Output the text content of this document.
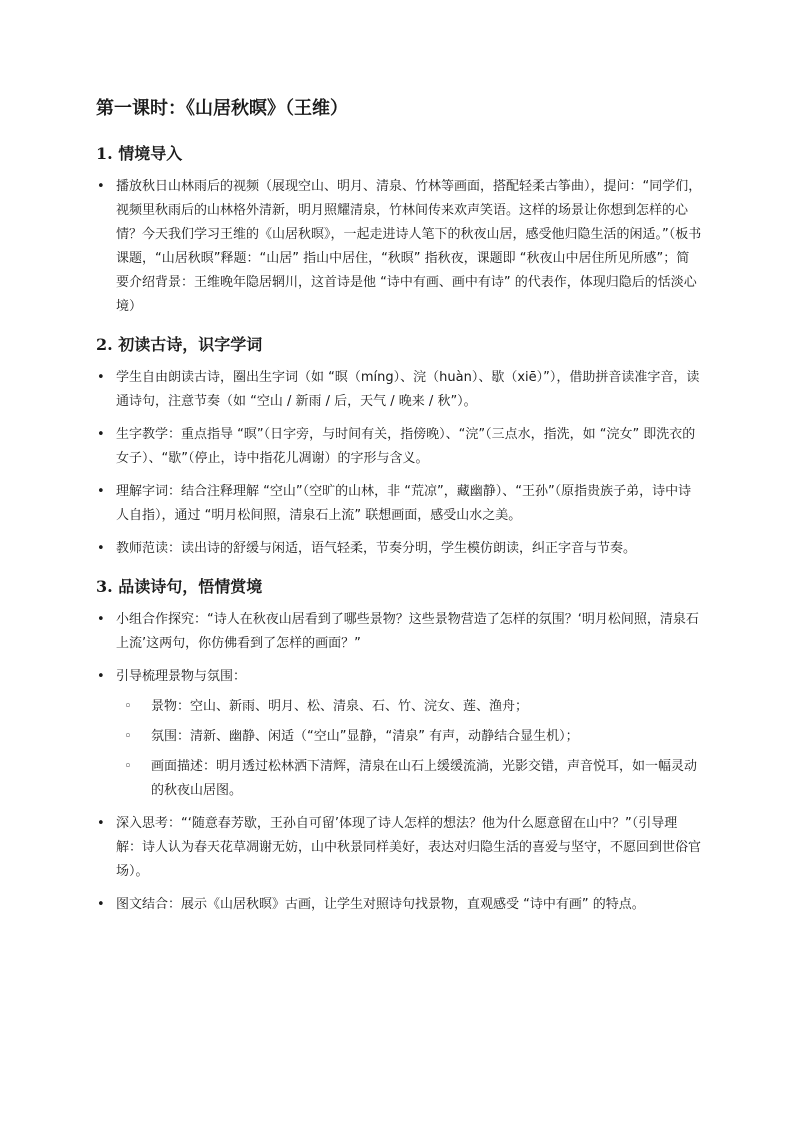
第一课时：《山居秋暝》（王维）
1. 情境导入
• 播放秋日山林雨后的视频（展现空山、明月、清泉、竹林等画面，搭配轻柔古筝曲），提问：“同学们，视频里秋雨后的山林格外清新，明月照耀清泉，竹林间传来欢声笑语。这样的场景让你想到怎样的心情？今天我们学习王维的《山居秋暝》，一起走进诗人笔下的秋夜山居，感受他归隐生活的闲适。”（板书课题，“山居秋暝”释题：“山居” 指山中居住，“秋暝” 指秋夜，课题即 “秋夜山中居住所见所感”；简要介绍背景：王维晚年隐居辋川，这首诗是他 “诗中有画、画中有诗” 的代表作，体现归隐后的恬淡心境）
2. 初读古诗，识字学词
• 学生自由朗读古诗，圈出生字词（如 “暝（míng）、浣（huàn）、歇（xiē）”），借助拼音读准字音，读通诗句，注意节奏（如 “空山 / 新雨 / 后，天气 / 晚来 / 秋”）。
• 生字教学：重点指导 “暝”（日字旁，与时间有关，指傍晚）、“浣”（三点水，指洗，如 “浣女” 即洗衣的女子）、“歇”（停止，诗中指花儿凋谢）的字形与含义。
• 理解字词：结合注释理解 “空山”（空旷的山林，非 “荒凉”，藏幽静）、“王孙”（原指贵族子弟，诗中诗人自指），通过 “明月松间照，清泉石上流” 联想画面，感受山水之美。
• 教师范读：读出诗的舒缓与闲适，语气轻柔，节奏分明，学生模仿朗读，纠正字音与节奏。
3. 品读诗句，悟情赏境
• 小组合作探究：“诗人在秋夜山居看到了哪些景物？这些景物营造了怎样的氛围？‘明月松间照，清泉石上流’这两句，你仿佛看到了怎样的画面？”
• 引导梳理景物与氛围：
◦ 景物：空山、新雨、明月、松、清泉、石、竹、浣女、莲、渔舟；
◦ 氛围：清新、幽静、闲适（“空山”显静，“清泉” 有声，动静结合显生机）；
◦ 画面描述：明月透过松林洒下清辉，清泉在山石上缓缓流淌，光影交错，声音悦耳，如一幅灵动的秋夜山居图。
• 深入思考：“‘随意春芳歇，王孙自可留’体现了诗人怎样的想法？他为什么愿意留在山中？”（引导理解：诗人认为春天花草凋谢无妨，山中秋景同样美好，表达对归隐生活的喜爱与坚守，不愿回到世俗官场）。
• 图文结合：展示《山居秋暝》古画，让学生对照诗句找景物，直观感受 “诗中有画” 的特点。
